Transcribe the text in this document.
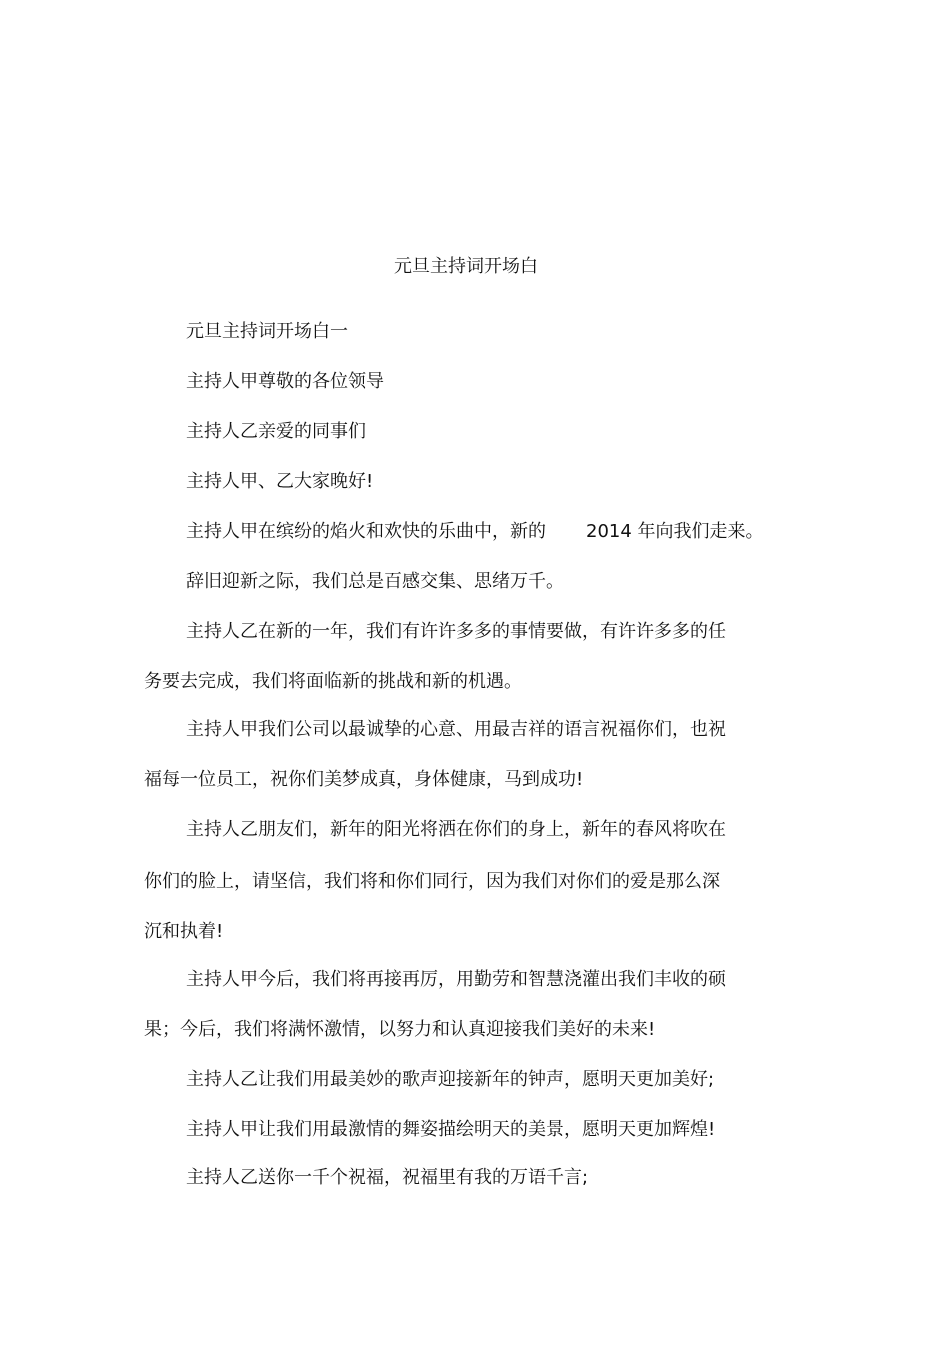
元旦主持词开场白
元旦主持词开场白一
主持人甲尊敬的各位领导
主持人乙亲爱的同事们
主持人甲、乙大家晚好!
主持人甲在缤纷的焰火和欢快的乐曲中，新的 2014 年向我们走来。
辞旧迎新之际，我们总是百感交集、思绪万千。
主持人乙在新的一年，我们有许许多多的事情要做，有许许多多的任
务要去完成，我们将面临新的挑战和新的机遇。
主持人甲我们公司以最诚挚的心意、用最吉祥的语言祝福你们，也祝
福每一位员工，祝你们美梦成真，身体健康，马到成功!
主持人乙朋友们，新年的阳光将洒在你们的身上，新年的春风将吹在
你们的脸上，请坚信，我们将和你们同行，因为我们对你们的爱是那么深
沉和执着!
主持人甲今后，我们将再接再厉，用勤劳和智慧浇灌出我们丰收的硕
果；今后，我们将满怀激情，以努力和认真迎接我们美好的未来!
主持人乙让我们用最美妙的歌声迎接新年的钟声，愿明天更加美好;
主持人甲让我们用最激情的舞姿描绘明天的美景，愿明天更加辉煌!
主持人乙送你一千个祝福，祝福里有我的万语千言;
